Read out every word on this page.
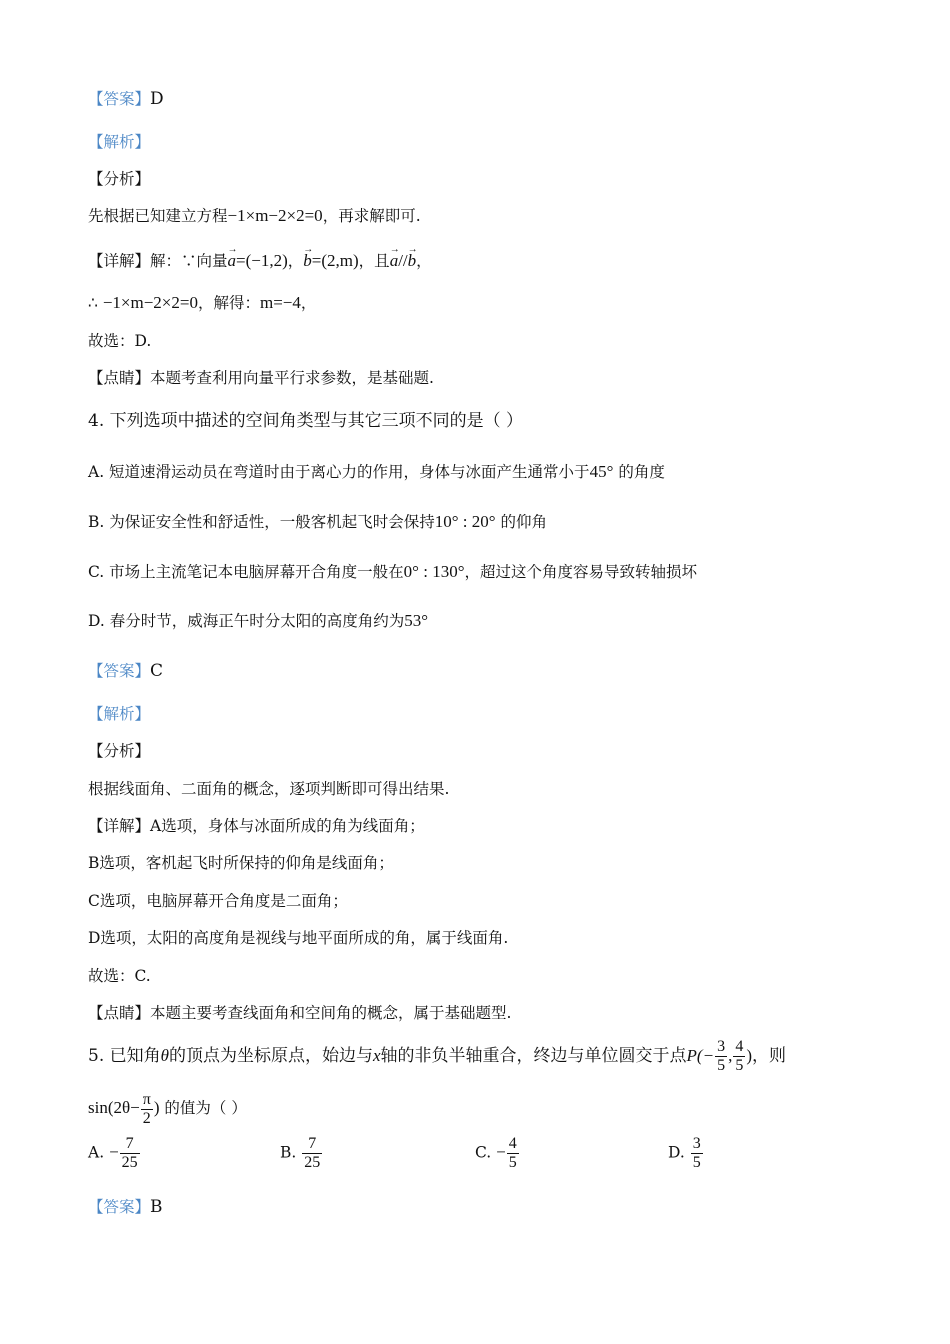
【答案】D
【解析】
【分析】
先根据已知建立方程−1×m−2×2=0，再求解即可.
【详解】解：∵向量→ a=(−1,2)，→ b=(2,m)，且→ a//→ b，
∴ −1×m−2×2=0，解得：m=−4，
故选：D.
【点睛】本题考查利用向量平行求参数，是基础题.
4. 下列选项中描述的空间角类型与其它三项不同的是（ ）
A. 短道速滑运动员在弯道时由于离心力的作用，身体与冰面产生通常小于45° 的角度
B. 为保证安全性和舒适性，一般客机起飞时会保持10° : 20° 的仰角
C. 市场上主流笔记本电脑屏幕开合角度一般在0° : 130°，超过这个角度容易导致转轴损坏
D. 春分时节，威海正午时分太阳的高度角约为53°
【答案】C
【解析】
【分析】
根据线面角、二面角的概念，逐项判断即可得出结果.
【详解】A选项，身体与冰面所成的角为线面角；
B选项，客机起飞时所保持的仰角是线面角；
C选项，电脑屏幕开合角度是二面角；
D选项，太阳的高度角是视线与地平面所成的角，属于线面角.
故选：C.
【点睛】本题主要考查线面角和空间角的概念，属于基础题型.
5. 已知角θ的顶点为坐标原点，始边与x轴的非负半轴重合，终边与单位圆交于点$P(- \frac{3}{5}$ , $\frac{4}{5}$ )，则
$\sin(2\theta- \frac{\pi}{2}$ ) 的值为（ ）
A. − $\frac{7}{25}$	B. $\frac{7}{25}$	C. − $\frac{4}{5}$	D. $\frac{3}{5}$
【答案】B
